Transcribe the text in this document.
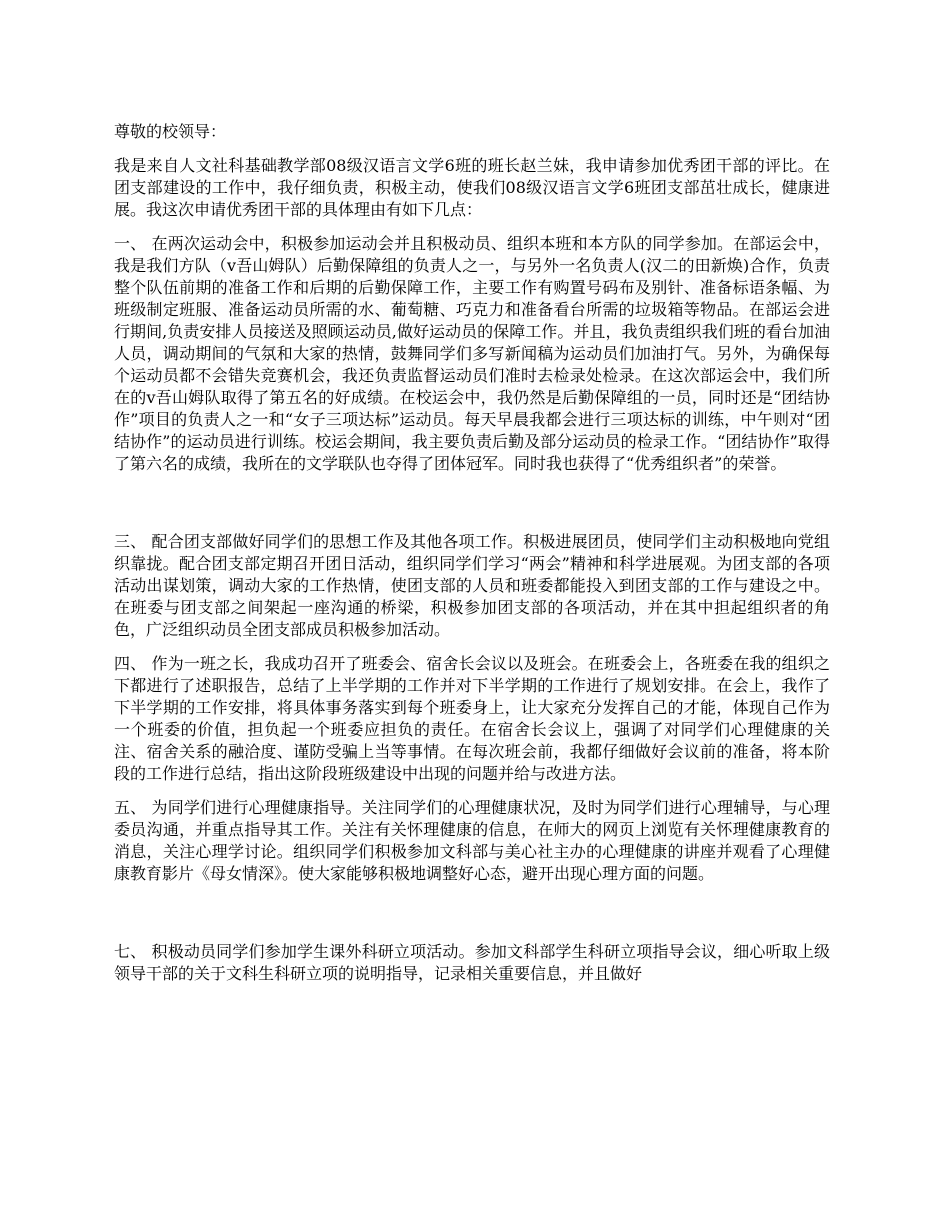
尊敬的校领导：

我是来自人文社科基础教学部08级汉语言文学6班的班长赵兰妹，我申请参加优秀团干部的评比。在团支部建设的工作中，我仔细负责，积极主动，使我们08级汉语言文学6班团支部茁壮成长，健康进展。我这次申请优秀团干部的具体理由有如下几点：

一、 在两次运动会中，积极参加运动会并且积极动员、组织本班和本方队的同学参加。在部运会中，我是我们方队（v吾山姆队）后勤保障组的负责人之一，与另外一名负责人(汉二的田新焕)合作，负责整个队伍前期的准备工作和后期的后勤保障工作，主要工作有购置号码布及别针、准备标语条幅、为班级制定班服、准备运动员所需的水、葡萄糖、巧克力和准备看台所需的垃圾箱等物品。在部运会进行期间,负责安排人员接送及照顾运动员,做好运动员的保障工作。并且，我负责组织我们班的看台加油人员，调动期间的气氛和大家的热情，鼓舞同学们多写新闻稿为运动员们加油打气。另外，为确保每个运动员都不会错失竞赛机会，我还负责监督运动员们准时去检录处检录。在这次部运会中，我们所在的v吾山姆队取得了第五名的好成绩。在校运会中，我仍然是后勤保障组的一员，同时还是“团结协作”项目的负责人之一和“女子三项达标”运动员。每天早晨我都会进行三项达标的训练，中午则对“团结协作”的运动员进行训练。校运会期间，我主要负责后勤及部分运动员的检录工作。“团结协作”取得了第六名的成绩，我所在的文学联队也夺得了团体冠军。同时我也获得了“优秀组织者”的荣誉。

三、 配合团支部做好同学们的思想工作及其他各项工作。积极进展团员，使同学们主动积极地向党组织靠拢。配合团支部定期召开团日活动，组织同学们学习“两会”精神和科学进展观。为团支部的各项活动出谋划策，调动大家的工作热情，使团支部的人员和班委都能投入到团支部的工作与建设之中。在班委与团支部之间架起一座沟通的桥梁，积极参加团支部的各项活动，并在其中担起组织者的角色，广泛组织动员全团支部成员积极参加活动。

四、 作为一班之长，我成功召开了班委会、宿舍长会议以及班会。在班委会上，各班委在我的组织之下都进行了述职报告，总结了上半学期的工作并对下半学期的工作进行了规划安排。在会上，我作了下半学期的工作安排，将具体事务落实到每个班委身上，让大家充分发挥自己的才能，体现自己作为一个班委的价值，担负起一个班委应担负的责任。在宿舍长会议上，强调了对同学们心理健康的关注、宿舍关系的融洽度、谨防受骗上当等事情。在每次班会前，我都仔细做好会议前的准备，将本阶段的工作进行总结，指出这阶段班级建设中出现的问题并给与改进方法。

五、 为同学们进行心理健康指导。关注同学们的心理健康状况，及时为同学们进行心理辅导，与心理委员沟通，并重点指导其工作。关注有关怀理健康的信息，在师大的网页上浏览有关怀理健康教育的消息，关注心理学讨论。组织同学们积极参加文科部与美心社主办的心理健康的讲座并观看了心理健康教育影片《母女情深》。使大家能够积极地调整好心态，避开出现心理方面的问题。

七、 积极动员同学们参加学生课外科研立项活动。参加文科部学生科研立项指导会议，细心听取上级领导干部的关于文科生科研立项的说明指导，记录相关重要信息，并且做好
